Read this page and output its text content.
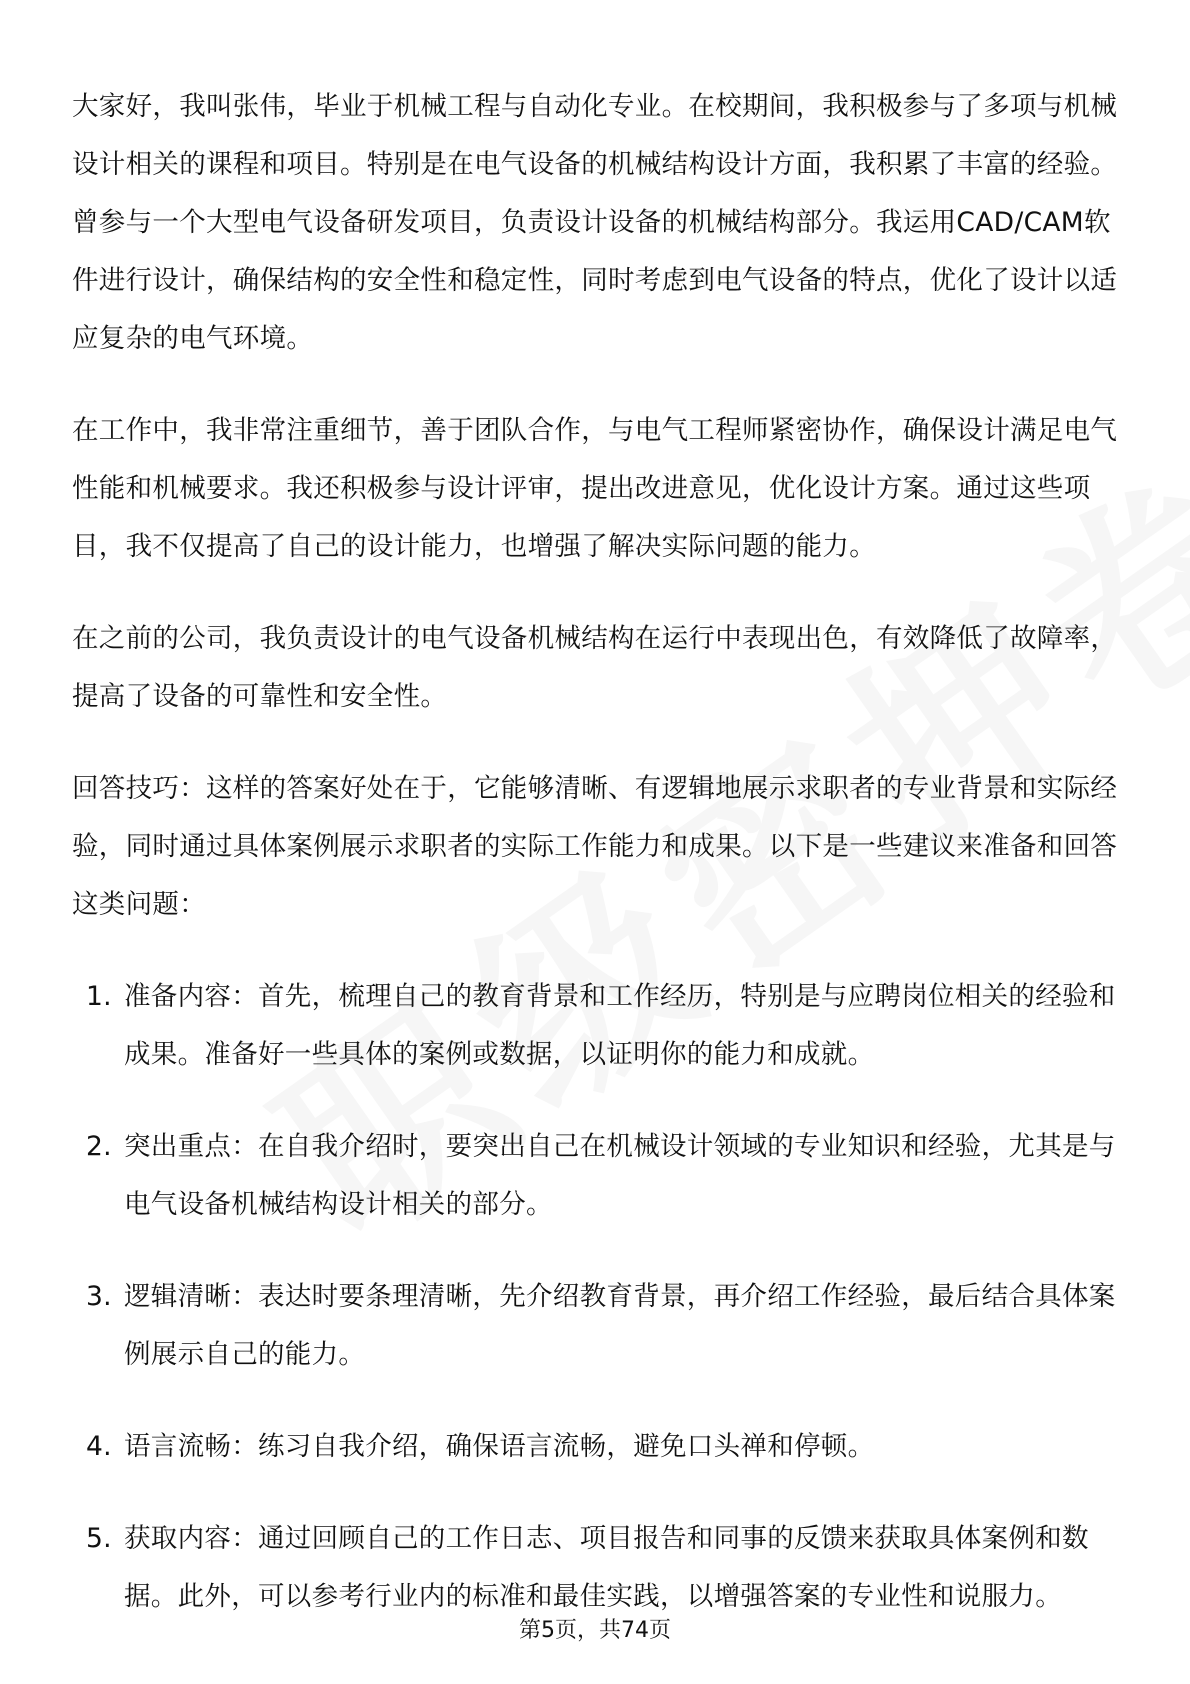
大家好，我叫张伟，毕业于机械工程与自动化专业。在校期间，我积极参与了多项与机械设计相关的课程和项目。特别是在电气设备的机械结构设计方面，我积累了丰富的经验。曾参与一个大型电气设备研发项目，负责设计设备的机械结构部分。我运用CAD/CAM软件进行设计，确保结构的安全性和稳定性，同时考虑到电气设备的特点，优化了设计以适应复杂的电气环境。

在工作中，我非常注重细节，善于团队合作，与电气工程师紧密协作，确保设计满足电气性能和机械要求。我还积极参与设计评审，提出改进意见，优化设计方案。通过这些项目，我不仅提高了自己的设计能力，也增强了解决实际问题的能力。

在之前的公司，我负责设计的电气设备机械结构在运行中表现出色，有效降低了故障率，提高了设备的可靠性和安全性。

回答技巧：这样的答案好处在于，它能够清晰、有逻辑地展示求职者的专业背景和实际经验，同时通过具体案例展示求职者的实际工作能力和成果。以下是一些建议来准备和回答这类问题：

1. 准备内容：首先，梳理自己的教育背景和工作经历，特别是与应聘岗位相关的经验和成果。准备好一些具体的案例或数据，以证明你的能力和成就。
2. 突出重点：在自我介绍时，要突出自己在机械设计领域的专业知识和经验，尤其是与电气设备机械结构设计相关的部分。
3. 逻辑清晰：表达时要条理清晰，先介绍教育背景，再介绍工作经验，最后结合具体案例展示自己的能力。
4. 语言流畅：练习自我介绍，确保语言流畅，避免口头禅和停顿。
5. 获取内容：通过回顾自己的工作日志、项目报告和同事的反馈来获取具体案例和数据。此外，可以参考行业内的标准和最佳实践，以增强答案的专业性和说服力。
第5页，共74页
